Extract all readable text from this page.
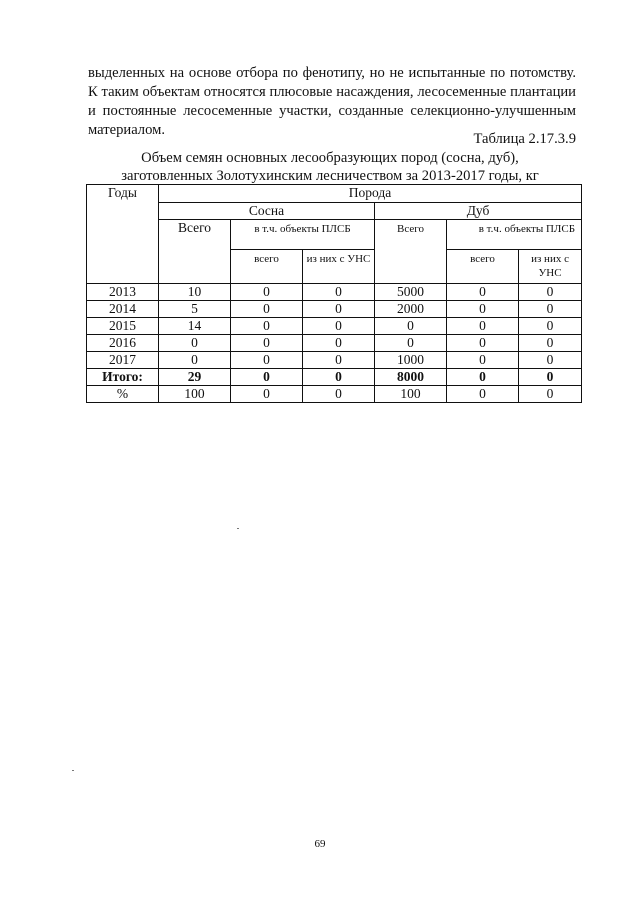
выделенных на основе отбора по фенотипу, но не испытанные по потомству. К таким объектам относятся плюсовые насаждения, лесосеменные плантации и постоянные лесосеменные участки, созданные селекционно-улучшенным материалом.
Таблица 2.17.3.9
Объем семян основных лесообразующих пород (сосна, дуб),
заготовленных Золотухинским лесничеством за 2013-2017 годы, кг
Годы	Порода					
	Сосна			Дуб		
	Всего	в т.ч. объекты ПЛСБ		Всего	в т.ч. объекты ПЛСБ	
		всего	из них с УНС		всего	из них с УНС
2013	10	0	0	5000	0	0
2014	5	0	0	2000	0	0
2015	14	0	0	0	0	0
2016	0	0	0	0	0	0
2017	0	0	0	1000	0	0
Итого:	29	0	0	8000	0	0
%	100	0	0	100	0	0
69
